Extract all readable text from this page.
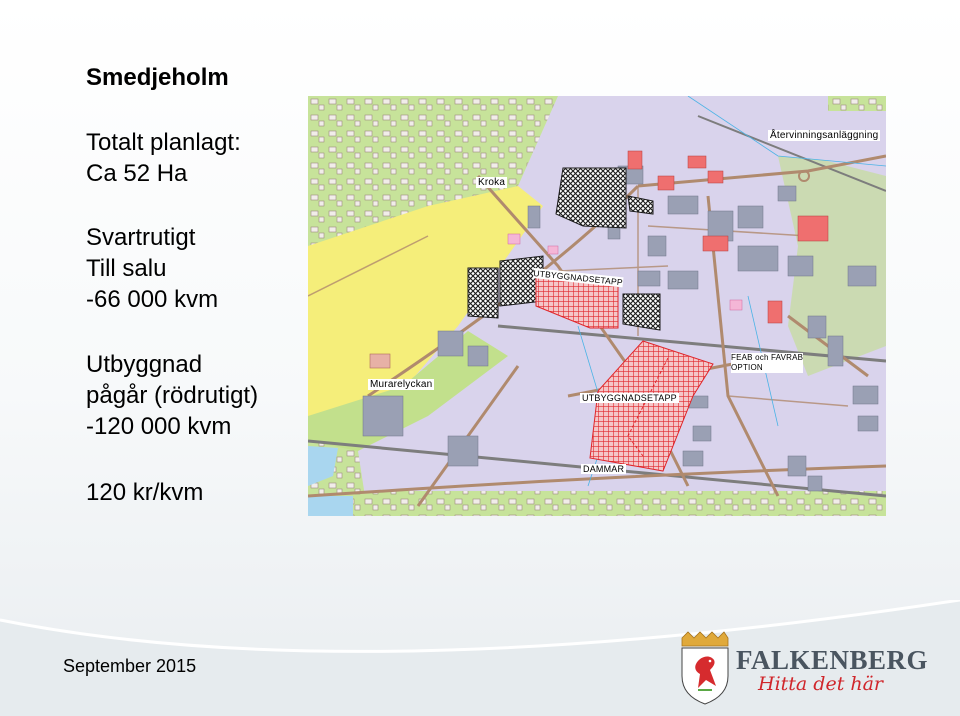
Smedjeholm
Totalt planlagt:
Ca 52 Ha
Svartrutigt
Till salu
-66 000 kvm
Utbyggnad
pågår (rödrutigt)
-120 000 kvm
120 kr/kvm
Återvinningsanläggning
Kroka
UTBYGGNADSETAPP
UTBYGGNADSETAPP
FEAB och FAVRAB
OPTION
Murarelyckan
DAMMAR
September 2015	FALKENBERG
Hitta det här
